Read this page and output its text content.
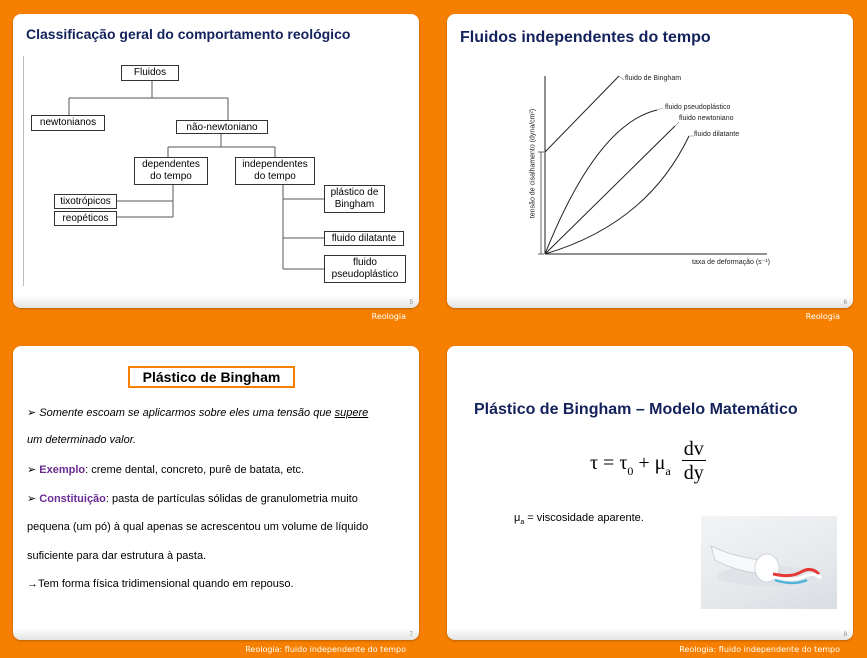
Classificação geral do comportamento reológico
Fluidos
newtonianos	não-newtoniano
dependentes
do tempo
independentes
do tempo
tixotrópicos
reopéticos
plástico de
Bingham
fluido dilatante
fluido
pseudoplástico
5
Reologia
Fluidos independentes do tempo
fluido de Bingham
fluido pseudoplástico
fluido newtoniano
fluido dilatante
tensão de cisalhamento (dyna/cm²)
taxa de deformação (s⁻¹)
6
Reologia
Plástico de Bingham
➢ Somente escoam se aplicarmos sobre eles uma tensão que supere
um determinado valor.
➢ Exemplo: creme dental, concreto, purê de batata, etc.
➢ Constituição: pasta de partículas sólidas de granulometria muito
pequena (um pó) à qual apenas se acrescentou um volume de líquido
suficiente para dar estrutura à pasta.
→Tem forma física tridimensional quando em repouso.
7
Reologia: fluido independente do tempo
Plástico de Bingham – Modelo Matemático
$\tau = \tau_0 + \mu_a \frac{dv}{dy}$
$\mu_a$ = viscosidade aparente.
8
Reologia: fluido independente do tempo
